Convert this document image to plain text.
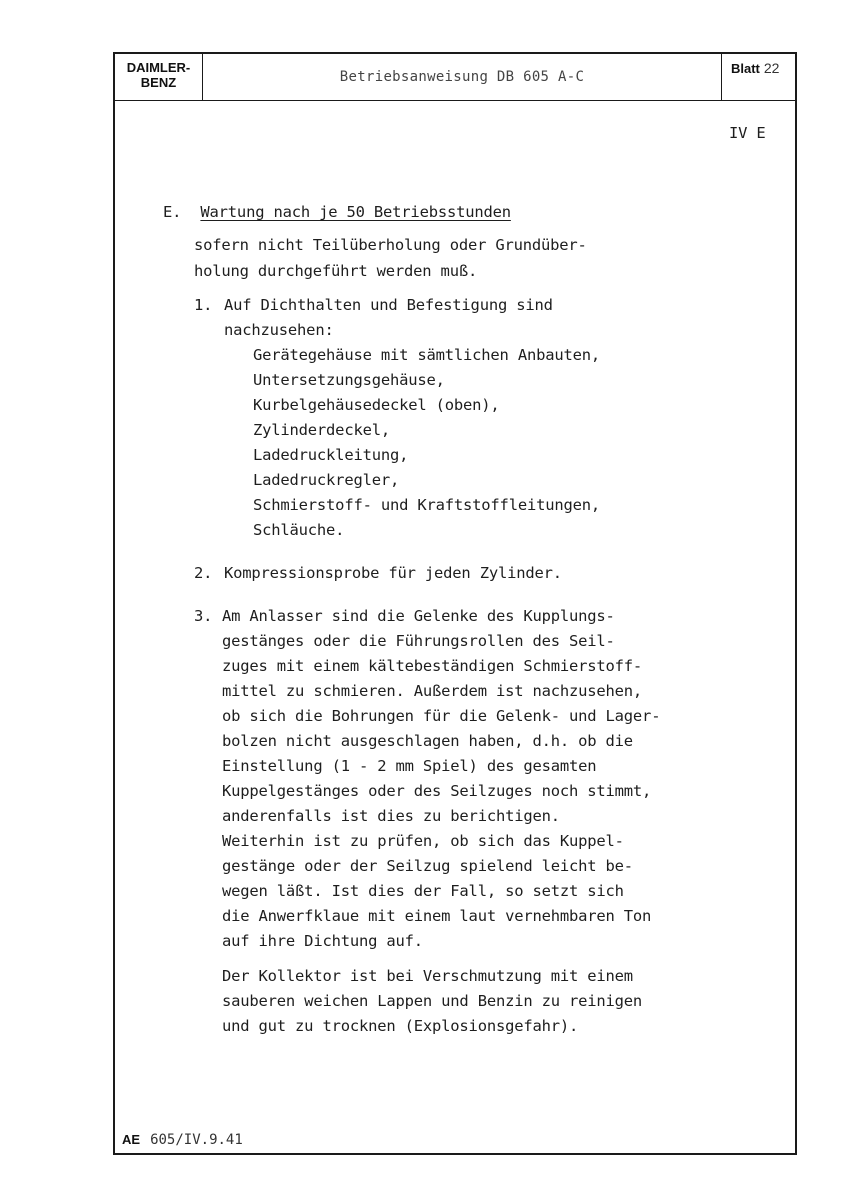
DAIMLER-
BENZ	Betriebsanweisung DB 605 A-C
Blatt 22
IV E
E. Wartung nach je 50 Betriebsstunden
sofern nicht Teilüberholung oder Grundüber-
holung durchgeführt werden muß.
1. Auf Dichthalten und Befestigung sind
nachzusehen:
Gerätegehäuse mit sämtlichen Anbauten,
Untersetzungsgehäuse,
Kurbelgehäusedeckel (oben),
Zylinderdeckel,
Ladedruckleitung,
Ladedruckregler,
Schmierstoff- und Kraftstoffleitungen,
Schläuche.
2. Kompressionsprobe für jeden Zylinder.
3. Am Anlasser sind die Gelenke des Kupplungs-
gestänges oder die Führungsrollen des Seil-
zuges mit einem kältebeständigen Schmierstoff-
mittel zu schmieren. Außerdem ist nachzusehen,
ob sich die Bohrungen für die Gelenk- und Lager-
bolzen nicht ausgeschlagen haben, d.h. ob die
Einstellung (1 - 2 mm Spiel) des gesamten
Kuppelgestänges oder des Seilzuges noch stimmt,
anderenfalls ist dies zu berichtigen.
Weiterhin ist zu prüfen, ob sich das Kuppel-
gestänge oder der Seilzug spielend leicht be-
wegen läßt. Ist dies der Fall, so setzt sich
die Anwerfklaue mit einem laut vernehmbaren Ton
auf ihre Dichtung auf.
Der Kollektor ist bei Verschmutzung mit einem
sauberen weichen Lappen und Benzin zu reinigen
und gut zu trocknen (Explosionsgefahr).
AE 605/IV.9.41
